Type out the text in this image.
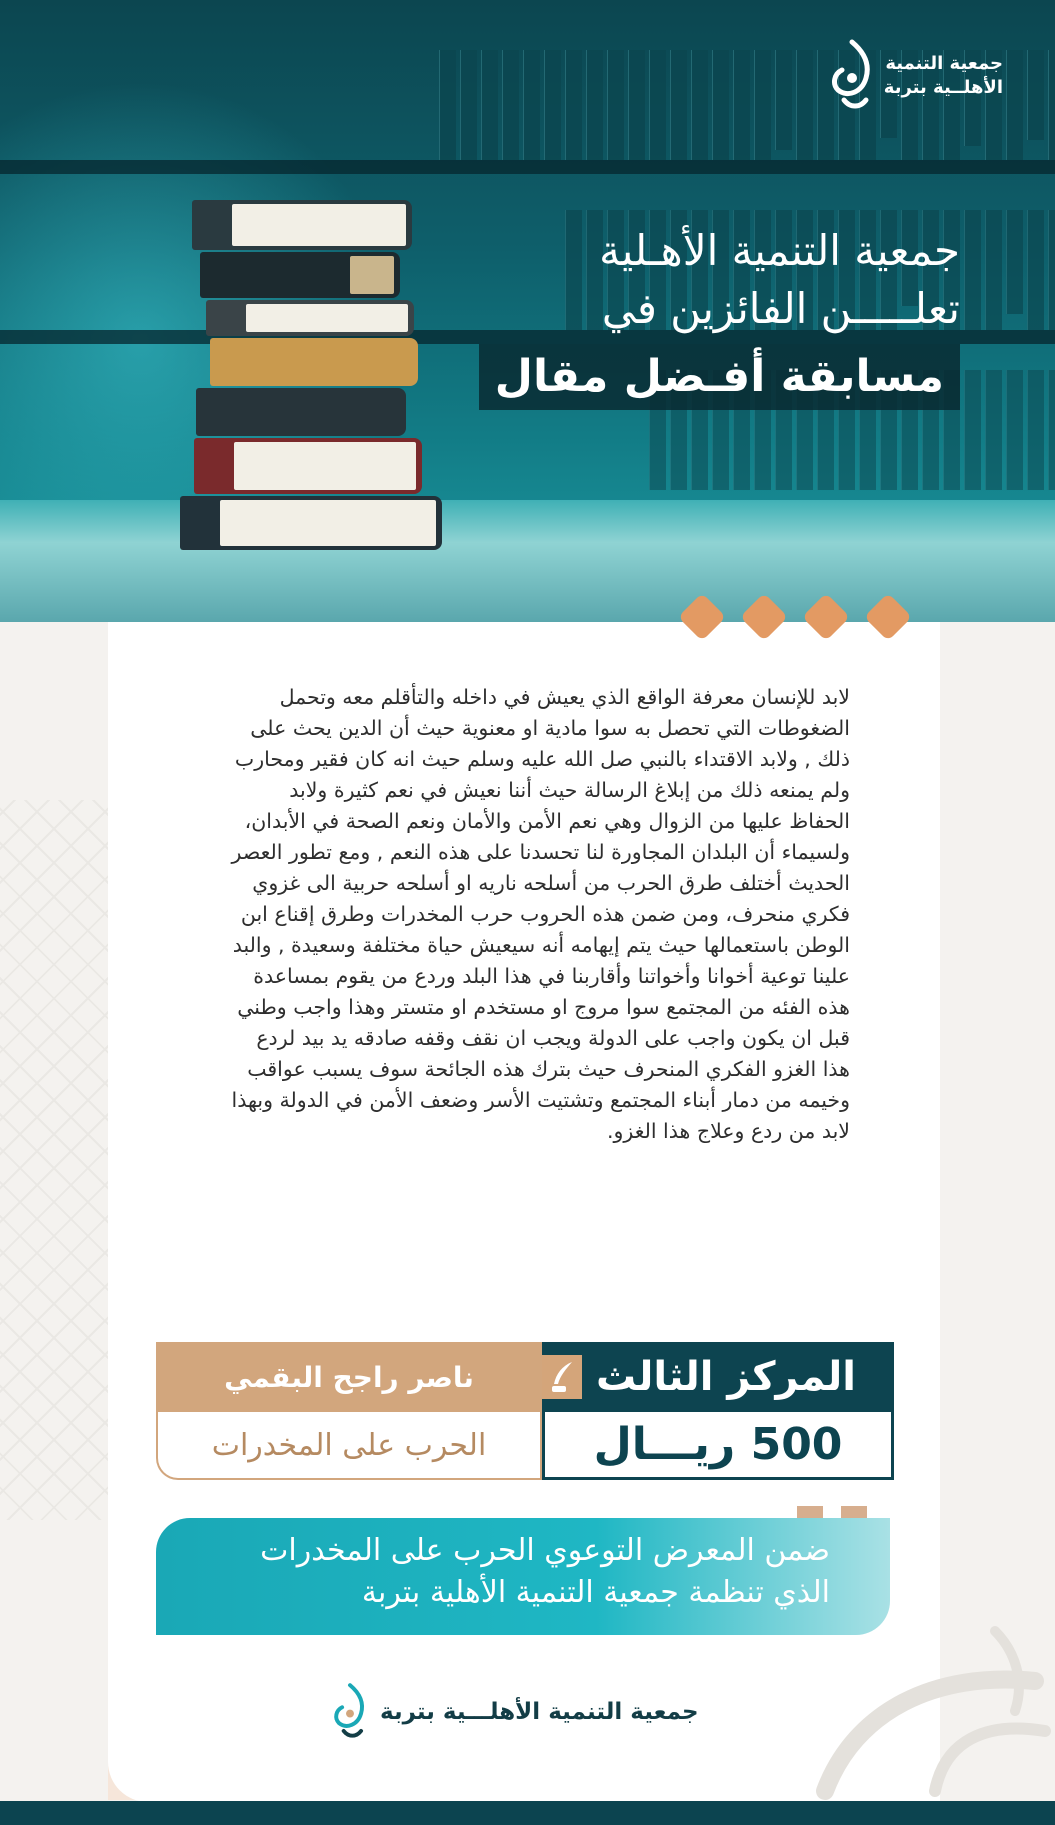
جمعية التنمية
الأهلــية بتربة
جمعية التنمية الأهـلية
تعلـــــن الفائزين في
مسابقة أفـضل مقال

لابد للإنسان معرفة الواقع الذي يعيش في داخله والتأقلم معه وتحمل الضغوطات التي تحصل به سوا مادية او معنوية حيث أن الدين يحث على ذلك , ولابد الاقتداء بالنبي صل الله عليه وسلم حيث انه كان فقير ومحارب ولم يمنعه ذلك من إبلاغ الرسالة حيث أننا نعيش في نعم كثيرة ولابد الحفاظ عليها من الزوال وهي نعم الأمن والأمان ونعم الصحة في الأبدان، ولسيماء أن البلدان المجاورة لنا تحسدنا على هذه النعم , ومع تطور العصر الحديث أختلف طرق الحرب من أسلحه ناريه او أسلحه حربية الى غزوي فكري منحرف، ومن ضمن هذه الحروب حرب المخدرات وطرق إقناع ابن الوطن باستعمالها حيث يتم إيهامه أنه سيعيش حياة مختلفة وسعيدة , والبد علينا توعية أخوانا وأخواتنا وأقاربنا في هذا البلد وردع من يقوم بمساعدة هذه الفئه من المجتمع سوا مروج او مستخدم او متستر وهذا واجب وطني قبل ان يكون واجب على الدولة ويجب ان نقف وقفه صادقه يد بيد لردع هذا الغزو الفكري المنحرف حيث بترك هذه الجائحة سوف يسبب عواقب وخيمه من دمار أبناء المجتمع وتشتيت الأسر وضعف الأمن في الدولة وبهذا لابد من ردع وعلاج هذا الغزو.

المركز الثالث
500 ريـــال
ناصر راجح البقمي
الحرب على المخدرات
ضمن المعرض التوعوي الحرب على المخدرات
الذي تنظمة جمعية التنمية الأهلية بتربة
جمعية التنمية الأهلـــية بتربة
